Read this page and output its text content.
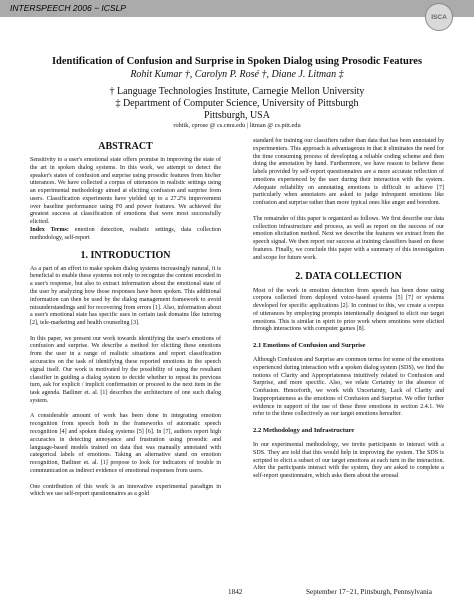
INTERSPEECH 2006 − ICSLP
ISCA
Identification of Confusion and Surprise in Spoken Dialog using Prosodic Features
Rohit Kumar †, Carolyn P. Rosé †, Diane J. Litman ‡
† Language Technologies Institute, Carnegie Mellon University
‡ Department of Computer Science, University of Pittsburgh
Pittsburgh, USA
rohitk, cprose @ cs.cmu.edu | litman @ cs.pitt.edu
ABSTRACT

Sensitivity to a user's emotional state offers promise in improving the state of the art in spoken dialog systems. In this work, we attempt to detect the speaker's states of confusion and surprise using prosodic features from his/her utterances. We have collected a corpus of utterances in realistic settings using an experimental methodology aimed at eliciting confusion and surprise from users. Classification experiments have yielded up to a 27.2% improvement over baseline performance using F0 and power features. We achieved the greatest success at classification of emotions that were most successfully elicited.

Index Terms: emotion detection, realistic settings, data collection methodology, self-report

1. INTRODUCTION

As a part of an effort to make spoken dialog systems increasingly natural, it is beneficial to enable these systems not only to recognize the content encoded in a user's response, but also to extract information about the emotional state of the user by analyzing how those responses have been spoken. This additional information can then be used by the dialog management framework to avoid misunderstandings and for recovering from errors [1]. Also, information about a user's emotional state has specific uses in certain task domains like tutoring [2], tele-marketing and health counseling [3].

In this paper, we present our work towards identifying the user's emotions of confusion and surprise. We describe a method for eliciting these emotions from the user in a range of realistic situations and report classification accuracies on the task of identifying these reported emotions in the speech signal itself. Our work is motivated by the possibility of using the resultant classifier in guiding a dialog system to decide whether to repeat its previous turn, ask for explicit / implicit confirmation or proceed to the next item in the task agenda. Batliner et. al. [1] describes the architecture of one such dialog system.

A considerable amount of work has been done in integrating emotion recognition from speech both in the frameworks of automatic speech recognition [4] and spoken dialog systems [5] [6]. In [7], authors report high accuracies in detecting annoyance and frustration using prosodic and language-based models trained on data that was manually annotated with categorical labels of emotions. Taking an alternative stand on emotion recognition, Batliner et. al. [1] propose to look for indicators of trouble in communication as indirect evidence of emotional responses from users.

One contribution of this work is an innovative experimental paradigm in which we use self-report questionnaires as a gold

standard for training our classifiers rather than data that has been annotated by experimenters. This approach is advantageous in that it eliminates the need for the time consuming process of developing a reliable coding scheme and then doing the annotation by hand. Furthermore, we have reason to believe these labels provided by self-report questionnaires are a more accurate reflection of emotions experienced by the user during their interaction with the system. Adequate reliability on annotating emotions is difficult to achieve [7] particularly when annotators are asked to judge infrequent emotions like confusion and surprise rather than more typical ones like anger and boredom.

The remainder of this paper is organized as follows. We first describe our data collection infrastructure and process, as well as report on the success of our emotion elicitation method. Next we describe the features we extract from the speech signal. We then report our success at training classifiers based on these features. Finally, we conclude this paper with a summary of this investigation and scope for future work.

2. DATA COLLECTION

Most of the work in emotion detection from speech has been done using corpora collected from deployed voice-based systems [5] [7] or systems developed for specific applications [2]. In contrast to this, we create a corpus of utterances by employing prompts intentionally designed to elicit our target emotions. This is similar in spirit to prior work where emotions were elicited through interactions with computer games [8].

2.1 Emotions of Confusion and Surprise

Although Confusion and Surprise are common terms for some of the emotions experienced during interaction with a spoken dialog system (SDS), we find the notions of Clarity and Appropriateness intuitively related to Confusion and Surprise, and more specific. Also, we relate Certainty to the absence of Confusion. Henceforth, we work with Uncertainty, Lack of Clarity and Inappropriateness as the emotions of Confusion and Surprise. We offer further evidence in support of the use of these three emotions in section 2.4.1. We refer to the three collectively as our target emotions hereafter.

2.2 Methodology and Infrastructure

In our experimental methodology, we invite participants to interact with a SDS. They are told that this would help in improving the system. The SDS is scripted to elicit a subset of our target emotions at each turn in the interaction. After the participants interact with the system, they are asked to complete a self-report questionnaire, which asks them about the arousal

1842	September 17−21, Pittsburgh, Pennsylvania
